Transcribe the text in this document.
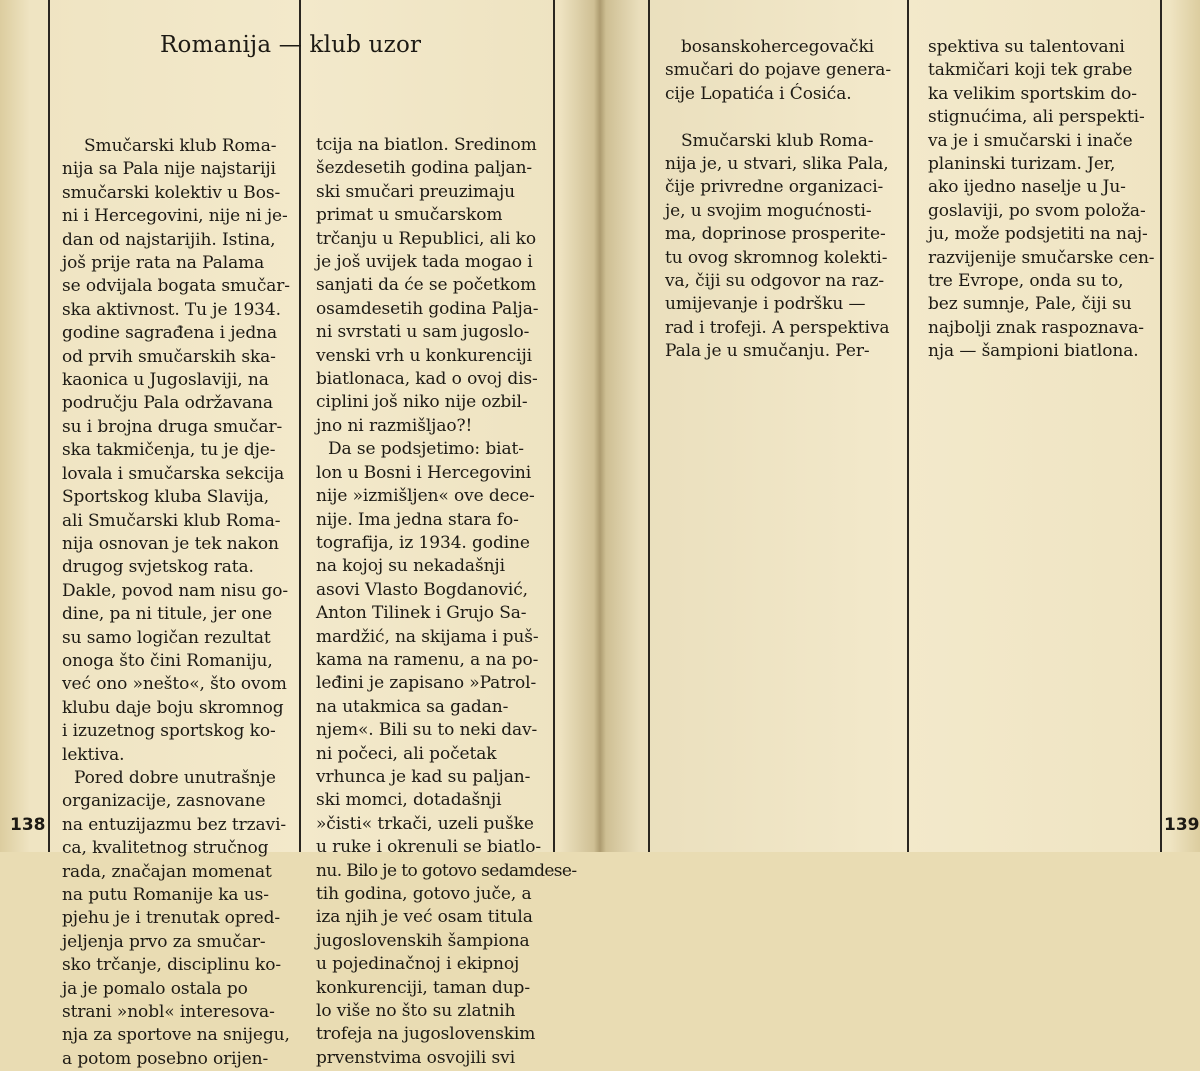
Romanija — klub uzor
Smučarski klub Roma-
nija sa Pala nije najstariji
smučarski kolektiv u Bos-
ni i Hercegovini, nije ni je-
dan od najstarijih. Istina,
još prije rata na Palama
se odvijala bogata smučar-
ska aktivnost. Tu je 1934.
godine sagrađena i jedna
od prvih smučarskih ska-
kaonica u Jugoslaviji, na
području Pala održavana
su i brojna druga smučar-
ska takmičenja, tu je dje-
lovala i smučarska sekcija
Sportskog kluba Slavija,
ali Smučarski klub Roma-
nija osnovan je tek nakon
drugog svjetskog rata.
Dakle, povod nam nisu go-
dine, pa ni titule, jer one
su samo logičan rezultat
onoga što čini Romaniju,
već ono »nešto«, što ovom
klubu daje boju skromnog
i izuzetnog sportskog ko-
lektiva.
Pored dobre unutrašnje
organizacije, zasnovane
na entuzijazmu bez trzavi-
ca, kvalitetnog stručnog
rada, značajan momenat
na putu Romanije ka us-
pjehu je i trenutak opred-
jeljenja prvo za smučar-
sko trčanje, disciplinu ko-
ja je pomalo ostala po
strani »nobl« interesova-
nja za sportove na snijegu,
a potom posebno orijen-
tcija na biatlon. Sredinom
šezdesetih godina paljan-
ski smučari preuzimaju
primat u smučarskom
trčanju u Republici, ali ko
je još uvijek tada mogao i
sanjati da će se početkom
osamdesetih godina Palja-
ni svrstati u sam jugoslo-
venski vrh u konkurenciji
biatlonaca, kad o ovoj dis-
ciplini još niko nije ozbil-
jno ni razmišljao?!
Da se podsjetimo: biat-
lon u Bosni i Hercegovini
nije »izmišljen« ove dece-
nije. Ima jedna stara fo-
tografija, iz 1934. godine
na kojoj su nekadašnji
asovi Vlasto Bogdanović,
Anton Tilinek i Grujo Sa-
mardžić, na skijama i puš-
kama na ramenu, a na po-
leđini je zapisano »Patrol-
na utakmica sa gadan-
njem«. Bili su to neki dav-
ni počeci, ali početak
vrhunca je kad su paljan-
ski momci, dotadašnji
»čisti« trkači, uzeli puške
u ruke i okrenuli se biatlo-
nu. Bilo je to gotovo sedamdese-
tih godina, gotovo juče, a
iza njih je već osam titula
jugoslovenskih šampiona
u pojedinačnoj i ekipnoj
konkurenciji, taman dup-
lo više no što su zlatnih
trofeja na jugoslovenskim
prvenstvima osvojili svi
138
bosanskohercegovački
smučari do pojave genera-
cije Lopatića i Ćosića.
Smučarski klub Roma-
nija je, u stvari, slika Pala,
čije privredne organizaci-
je, u svojim mogućnosti-
ma, doprinose prosperite-
tu ovog skromnog kolekti-
va, čiji su odgovor na raz-
umijevanje i podršku —
rad i trofeji. A perspektiva
Pala je u smučanju. Per-
spektiva su talentovani
takmičari koji tek grabe
ka velikim sportskim do-
stignućima, ali perspekti-
va je i smučarski i inače
planinski turizam. Jer,
ako ijedno naselje u Ju-
goslaviji, po svom položa-
ju, može podsjetiti na naj-
razvijenije smučarske cen-
tre Evrope, onda su to,
bez sumnje, Pale, čiji su
najbolji znak raspoznava-
nja — šampioni biatlona.
139
